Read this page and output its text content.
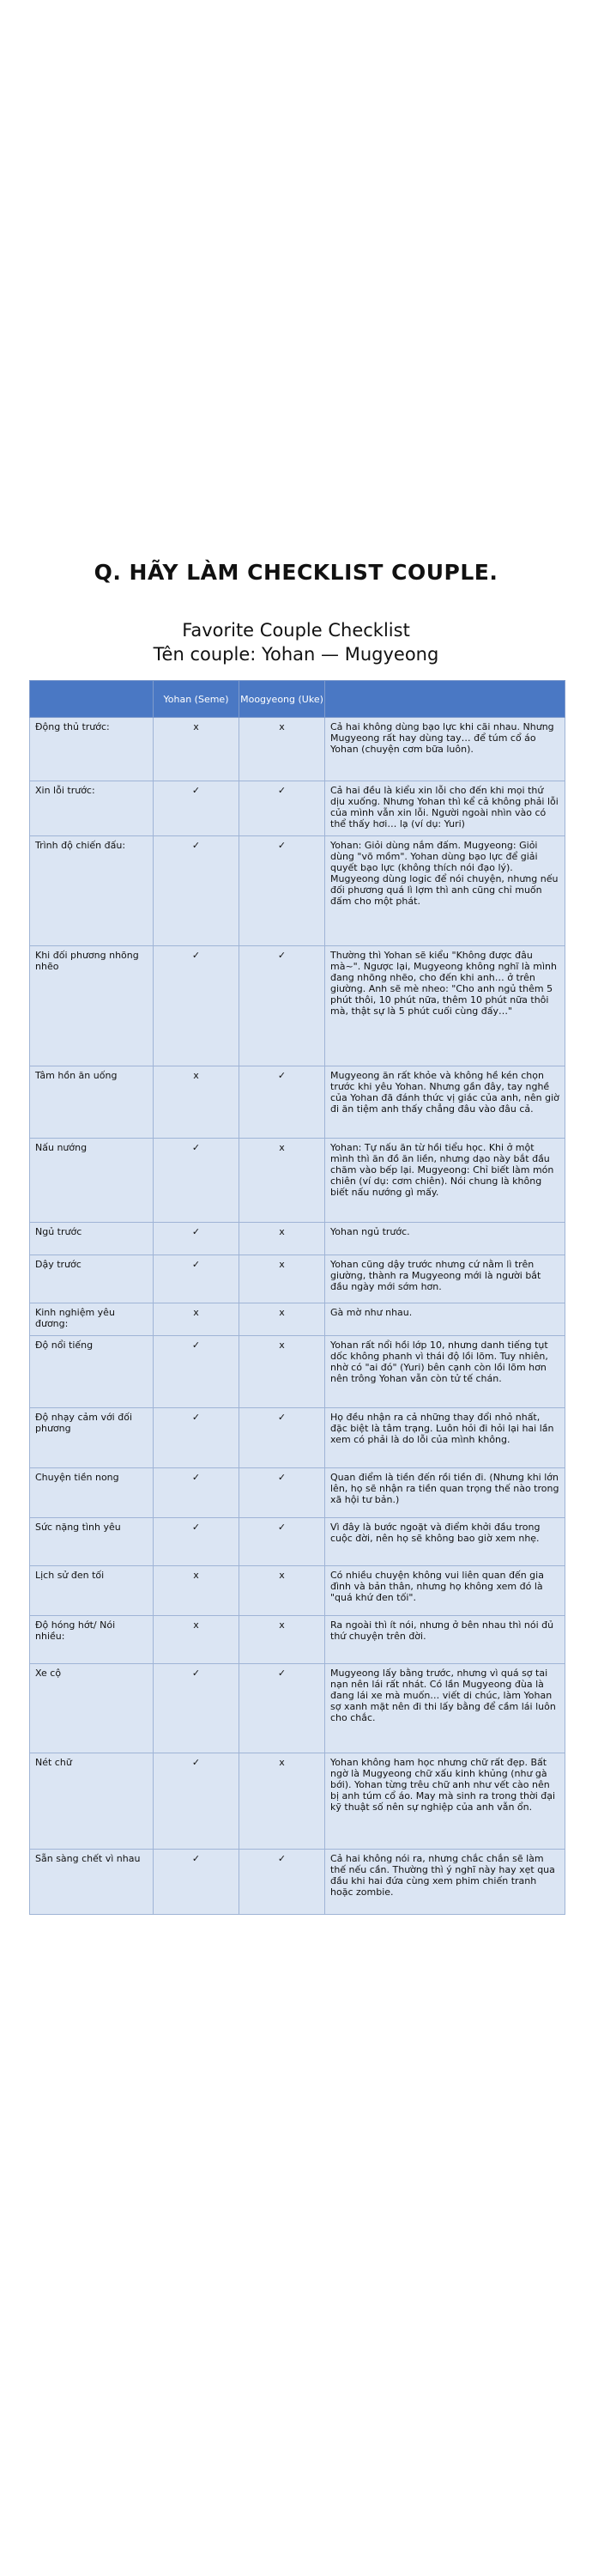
Q. HÃY LÀM CHECKLIST COUPLE.
Favorite Couple Checklist
Tên couple: Yohan — Mugyeong
	Yohan (Seme)	Moogyeong (Uke)	
Động thủ trước:	x	x	Cả hai không dùng bạo lực khi cãi nhau. Nhưng Mugyeong rất hay dùng tay… để túm cổ áo Yohan (chuyện cơm bữa luôn).
Xin lỗi trước:	✓	✓	Cả hai đều là kiểu xin lỗi cho đến khi mọi thứ dịu xuống. Nhưng Yohan thì kể cả không phải lỗi của mình vẫn xin lỗi. Người ngoài nhìn vào có thể thấy hơi… lạ (ví dụ: Yuri)
Trình độ chiến đấu:	✓	✓	Yohan: Giỏi dùng nắm đấm. Mugyeong: Giỏi dùng "võ mồm". Yohan dùng bạo lực để giải quyết bạo lực (không thích nói đạo lý). Mugyeong dùng logic để nói chuyện, nhưng nếu đối phương quá lì lợm thì anh cũng chỉ muốn đấm cho một phát.
Khi đối phương nhõng nhẽo	✓	✓	Thường thì Yohan sẽ kiểu "Không được đâu mà~". Ngược lại, Mugyeong không nghĩ là mình đang nhõng nhẽo, cho đến khi anh… ở trên giường. Anh sẽ mè nheo: "Cho anh ngủ thêm 5 phút thôi, 10 phút nữa, thêm 10 phút nữa thôi mà, thật sự là 5 phút cuối cùng đấy…"
Tâm hồn ăn uống	x	✓	Mugyeong ăn rất khỏe và không hề kén chọn trước khi yêu Yohan. Nhưng gần đây, tay nghề của Yohan đã đánh thức vị giác của anh, nên giờ đi ăn tiệm anh thấy chẳng đâu vào đâu cả.
Nấu nướng	✓	x	Yohan: Tự nấu ăn từ hồi tiểu học. Khi ở một mình thì ăn đồ ăn liền, nhưng dạo này bắt đầu chăm vào bếp lại. Mugyeong: Chỉ biết làm món chiên (ví dụ: cơm chiên). Nói chung là không biết nấu nướng gì mấy.
Ngủ trước	✓	x	Yohan ngủ trước.
Dậy trước	✓	x	Yohan cũng dậy trước nhưng cứ nằm lì trên giường, thành ra Mugyeong mới là người bắt đầu ngày mới sớm hơn.
Kinh nghiệm yêu đương:	x	x	Gà mờ như nhau.
Độ nổi tiếng	✓	x	Yohan rất nổi hồi lớp 10, nhưng danh tiếng tụt dốc không phanh vì thái độ lồi lõm. Tuy nhiên, nhờ có "ai đó" (Yuri) bên cạnh còn lồi lõm hơn nên trông Yohan vẫn còn tử tế chán.
Độ nhạy cảm với đối phương	✓	✓	Họ đều nhận ra cả những thay đổi nhỏ nhất, đặc biệt là tâm trạng. Luôn hỏi đi hỏi lại hai lần xem có phải là do lỗi của mình không.
Chuyện tiền nong	✓	✓	Quan điểm là tiền đến rồi tiền đi. (Nhưng khi lớn lên, họ sẽ nhận ra tiền quan trọng thế nào trong xã hội tư bản.)
Sức nặng tình yêu	✓	✓	Vì đây là bước ngoặt và điểm khởi đầu trong cuộc đời, nên họ sẽ không bao giờ xem nhẹ.
Lịch sử đen tối	x	x	Có nhiều chuyện không vui liên quan đến gia đình và bản thân, nhưng họ không xem đó là "quá khứ đen tối".
Độ hóng hớt/ Nói nhiều:	x	x	Ra ngoài thì ít nói, nhưng ở bên nhau thì nói đủ thứ chuyện trên đời.
Xe cộ	✓	✓	Mugyeong lấy bằng trước, nhưng vì quá sợ tai nạn nên lái rất nhát. Có lần Mugyeong đùa là đang lái xe mà muốn… viết di chúc, làm Yohan sợ xanh mặt nên đi thi lấy bằng để cầm lái luôn cho chắc.
Nét chữ	✓	x	Yohan không ham học nhưng chữ rất đẹp. Bất ngờ là Mugyeong chữ xấu kinh khủng (như gà bới). Yohan từng trêu chữ anh như vết cào nên bị anh túm cổ áo. May mà sinh ra trong thời đại kỹ thuật số nên sự nghiệp của anh vẫn ổn.
Sẵn sàng chết vì nhau	✓	✓	Cả hai không nói ra, nhưng chắc chắn sẽ làm thế nếu cần. Thường thì ý nghĩ này hay xẹt qua đầu khi hai đứa cùng xem phim chiến tranh hoặc zombie.
